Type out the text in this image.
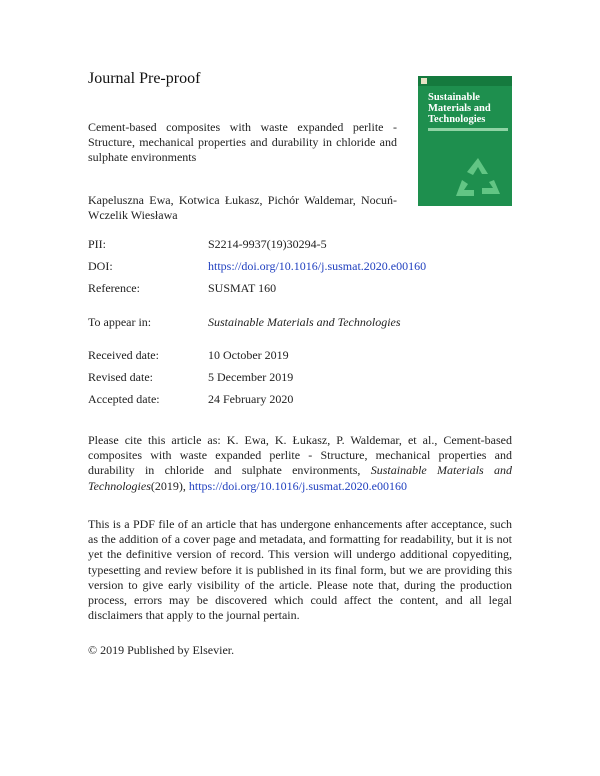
Journal Pre-proof
Sustainable Materials and Technologies
Cement-based composites with waste expanded perlite - Structure, mechanical properties and durability in chloride and sulphate environments
Kapeluszna Ewa, Kotwica Łukasz, Pichór Waldemar, Nocuń-Wczelik Wiesława
PII:	S2214-9937(19)30294-5
DOI:	https://doi.org/10.1016/j.susmat.2020.e00160
Reference:	SUSMAT 160
To appear in:	Sustainable Materials and Technologies
Received date:	10 October 2019
Revised date:	5 December 2019
Accepted date:	24 February 2020
Please cite this article as: K. Ewa, K. Łukasz, P. Waldemar, et al., Cement-based composites with waste expanded perlite - Structure, mechanical properties and durability in chloride and sulphate environments, Sustainable Materials and Technologies(2019), https://doi.org/10.1016/j.susmat.2020.e00160
This is a PDF file of an article that has undergone enhancements after acceptance, such as the addition of a cover page and metadata, and formatting for readability, but it is not yet the definitive version of record. This version will undergo additional copyediting, typesetting and review before it is published in its final form, but we are providing this version to give early visibility of the article. Please note that, during the production process, errors may be discovered which could affect the content, and all legal disclaimers that apply to the journal pertain.
© 2019 Published by Elsevier.
